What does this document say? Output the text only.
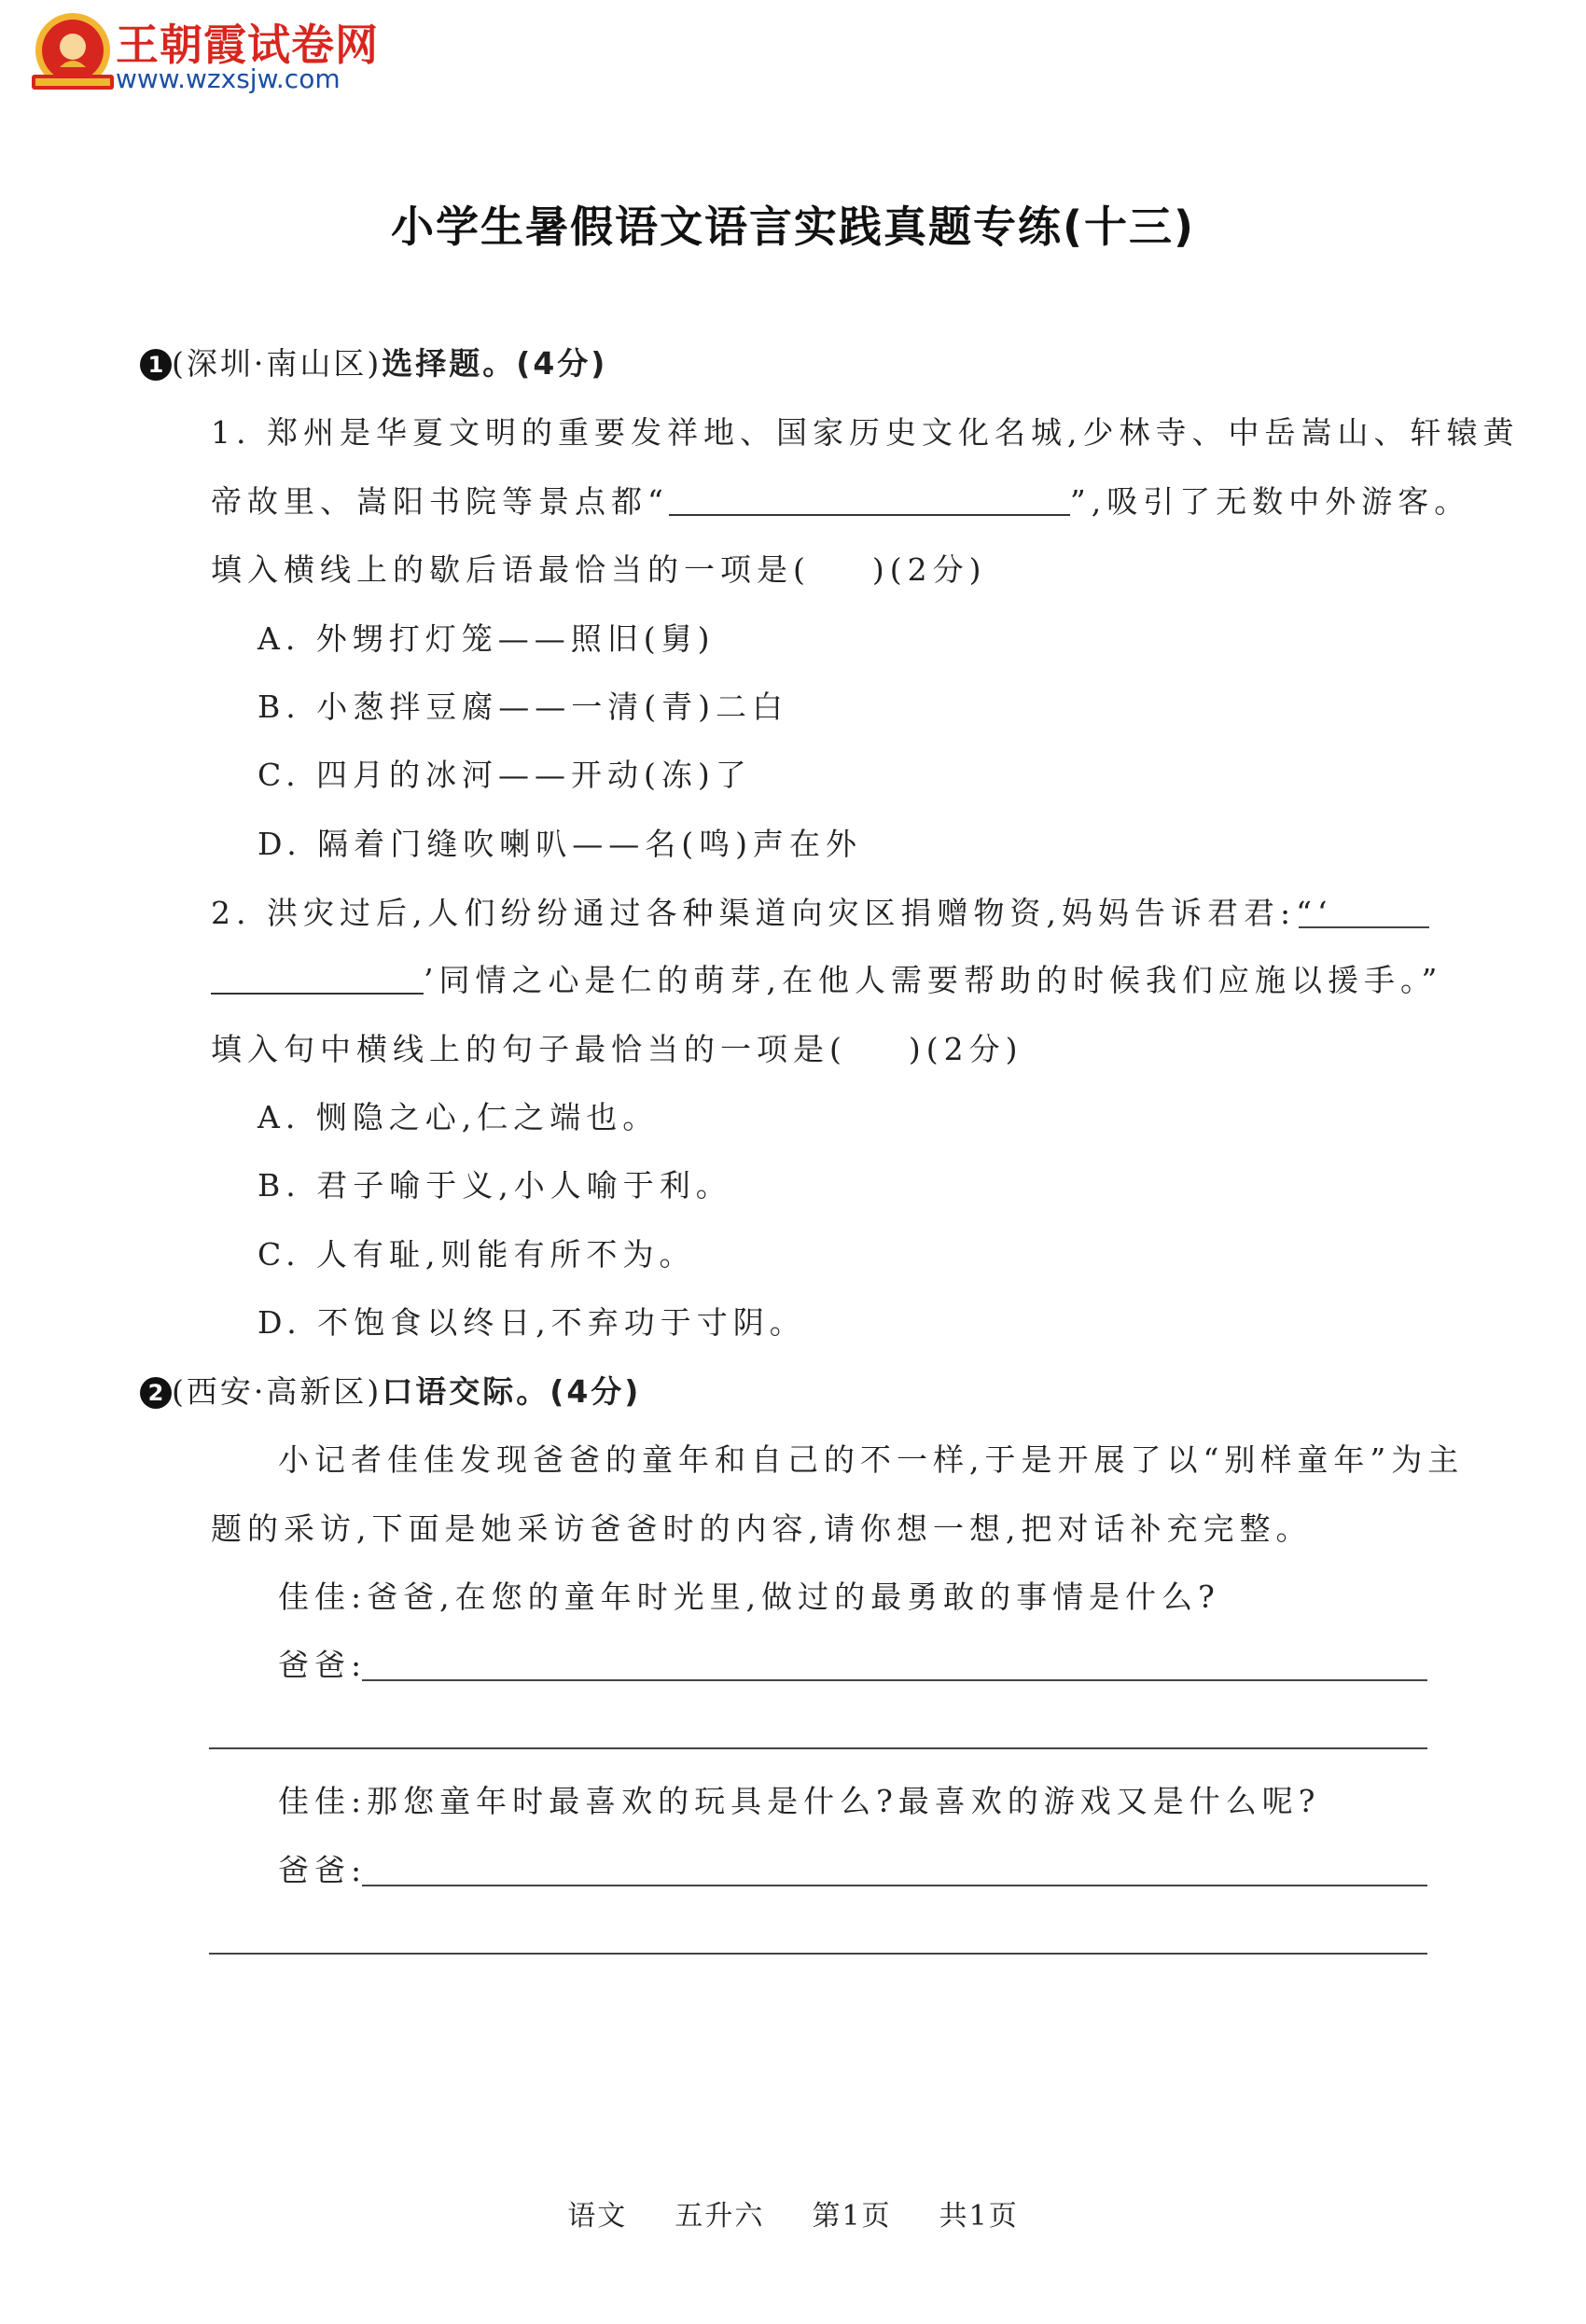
王朝霞试卷网
www.wzxsjw.com
小学生暑假语文语言实践真题专练(十三)
1 (深圳·南山区)选择题。(4分)
1. 郑州是华夏文明的重要发祥地、国家历史文化名城,少林寺、中岳嵩山、轩辕黄
帝故里、嵩阳书院等景点都“	”,吸引了无数中外游客。
填入横线上的歇后语最恰当的一项是(    )(2分)
A. 外甥打灯笼——照旧(舅)
B. 小葱拌豆腐——一清(青)二白
C. 四月的冰河——开动(冻)了
D. 隔着门缝吹喇叭——名(鸣)声在外
2. 洪灾过后,人们纷纷通过各种渠道向灾区捐赠物资,妈妈告诉君君:“‘
’同情之心是仁的萌芽,在他人需要帮助的时候我们应施以援手。”
填入句中横线上的句子最恰当的一项是(    )(2分)
A. 恻隐之心,仁之端也。
B. 君子喻于义,小人喻于利。
C. 人有耻,则能有所不为。
D. 不饱食以终日,不弃功于寸阴。
2 (西安·高新区)口语交际。(4分)
小记者佳佳发现爸爸的童年和自己的不一样,于是开展了以“别样童年”为主
题的采访,下面是她采访爸爸时的内容,请你想一想,把对话补充完整。
佳佳:爸爸,在您的童年时光里,做过的最勇敢的事情是什么?
爸爸:
佳佳:那您童年时最喜欢的玩具是什么?最喜欢的游戏又是什么呢?
爸爸:
语文 五升六 第1页 共1页
